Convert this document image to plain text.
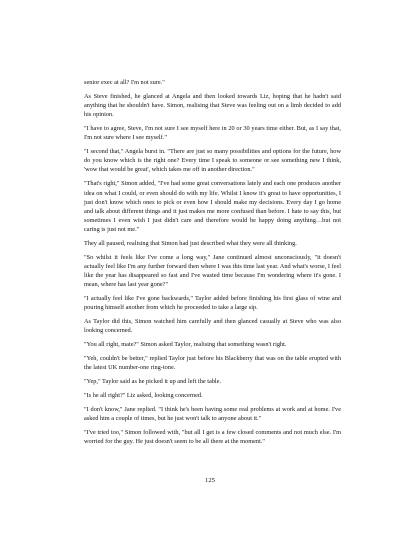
senior exec at all? I'm not sure."

As Steve finished, he glanced at Angela and then looked towards Liz, hoping that he hadn't said anything that he shouldn't have. Simon, realising that Steve was feeling out on a limb decided to add his opinion.

"I have to agree, Steve, I'm not sure I see myself here in 20 or 30 years time either. But, as I say that, I'm not sure where I see myself."

"I second that," Angela burst in. "There are just so many possibilities and options for the future, how do you know which is the right one? Every time I speak to someone or see something new I think, 'wow that would be great', which takes me off in another direction."

"That's right," Simon added, "I've had some great conversations lately and each one produces another idea on what I could, or even should do with my life. Whilst I know it's great to have opportunities, I just don't know which ones to pick or even how I should make my decisions. Every day I go home and talk about different things and it just makes me more confused than before. I hate to say this, but sometimes I even wish I just didn't care and therefore would be happy doing anything…but not caring is just not me."

They all paused, realising that Simon had just described what they were all thinking.

"So whilst it feels like I've come a long way," Jane continued almost unconsciously, "it doesn't actually feel like I'm any further forward then where I was this time last year. And what's worse, I feel like the year has disappeared so fast and I've wasted time because I'm wondering where it's gone. I mean, where has last year gone?"

"I actually feel like I've gone backwards," Taylor added before finishing his first glass of wine and pouring himself another from which he proceeded to take a large sip.

As Taylor did this, Simon watched him carefully and then glanced casually at Steve who was also looking concerned.

"You all right, mate?" Simon asked Taylor, realising that something wasn't right.

"Yeh, couldn't be better," replied Taylor just before his Blackberry that was on the table erupted with the latest UK number-one ring-tone.

"Yep," Taylor said as he picked it up and left the table.

"Is he all right?" Liz asked, looking concerned.

"I don't know," Jane replied. "I think he's been having some real problems at work and at home. I've asked him a couple of times, but he just won't talk to anyone about it."

"I've tried too," Simon followed with, "but all I get is a few closed comments and not much else. I'm worried for the guy. He just doesn't seem to be all there at the moment."

125
